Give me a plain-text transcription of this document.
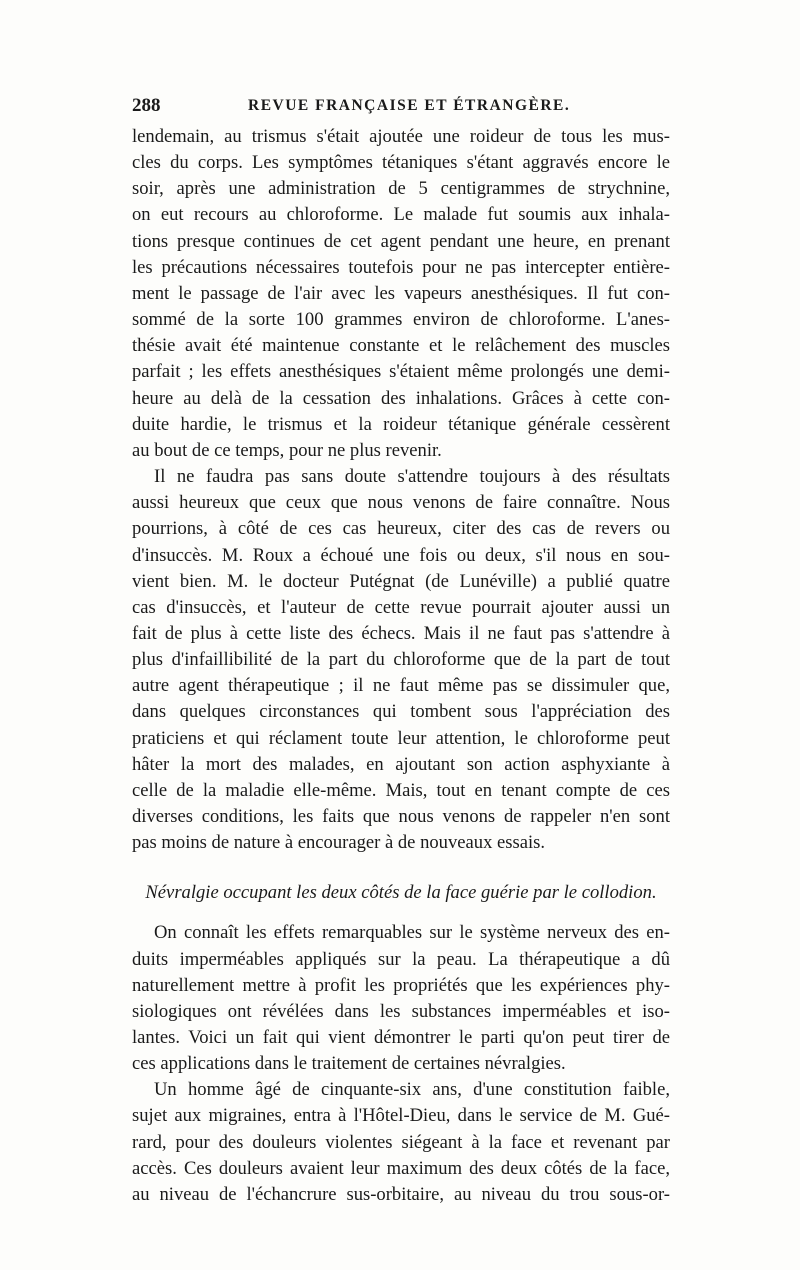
288	REVUE FRANÇAISE ET ÉTRANGÈRE.
lendemain, au trismus s'était ajoutée une roideur de tous les mus-
cles du corps. Les symptômes tétaniques s'étant aggravés encore le
soir, après une administration de 5 centigrammes de strychnine,
on eut recours au chloroforme. Le malade fut soumis aux inhala-
tions presque continues de cet agent pendant une heure, en prenant
les précautions nécessaires toutefois pour ne pas intercepter entière-
ment le passage de l'air avec les vapeurs anesthésiques. Il fut con-
sommé de la sorte 100 grammes environ de chloroforme. L'anes-
thésie avait été maintenue constante et le relâchement des muscles
parfait ; les effets anesthésiques s'étaient même prolongés une demi-
heure au delà de la cessation des inhalations. Grâces à cette con-
duite hardie, le trismus et la roideur tétanique générale cessèrent
au bout de ce temps, pour ne plus revenir.
Il ne faudra pas sans doute s'attendre toujours à des résultats
aussi heureux que ceux que nous venons de faire connaître. Nous
pourrions, à côté de ces cas heureux, citer des cas de revers ou
d'insuccès. M. Roux a échoué une fois ou deux, s'il nous en sou-
vient bien. M. le docteur Putégnat (de Lunéville) a publié quatre
cas d'insuccès, et l'auteur de cette revue pourrait ajouter aussi un
fait de plus à cette liste des échecs. Mais il ne faut pas s'attendre à
plus d'infaillibilité de la part du chloroforme que de la part de tout
autre agent thérapeutique ; il ne faut même pas se dissimuler que,
dans quelques circonstances qui tombent sous l'appréciation des
praticiens et qui réclament toute leur attention, le chloroforme peut
hâter la mort des malades, en ajoutant son action asphyxiante à
celle de la maladie elle-même. Mais, tout en tenant compte de ces
diverses conditions, les faits que nous venons de rappeler n'en sont
pas moins de nature à encourager à de nouveaux essais.
Névralgie occupant les deux côtés de la face guérie par le collodion.
On connaît les effets remarquables sur le système nerveux des en-
duits imperméables appliqués sur la peau. La thérapeutique a dû
naturellement mettre à profit les propriétés que les expériences phy-
siologiques ont révélées dans les substances imperméables et iso-
lantes. Voici un fait qui vient démontrer le parti qu'on peut tirer de
ces applications dans le traitement de certaines névralgies.
Un homme âgé de cinquante-six ans, d'une constitution faible,
sujet aux migraines, entra à l'Hôtel-Dieu, dans le service de M. Gué-
rard, pour des douleurs violentes siégeant à la face et revenant par
accès. Ces douleurs avaient leur maximum des deux côtés de la face,
au niveau de l'échancrure sus-orbitaire, au niveau du trou sous-or-
